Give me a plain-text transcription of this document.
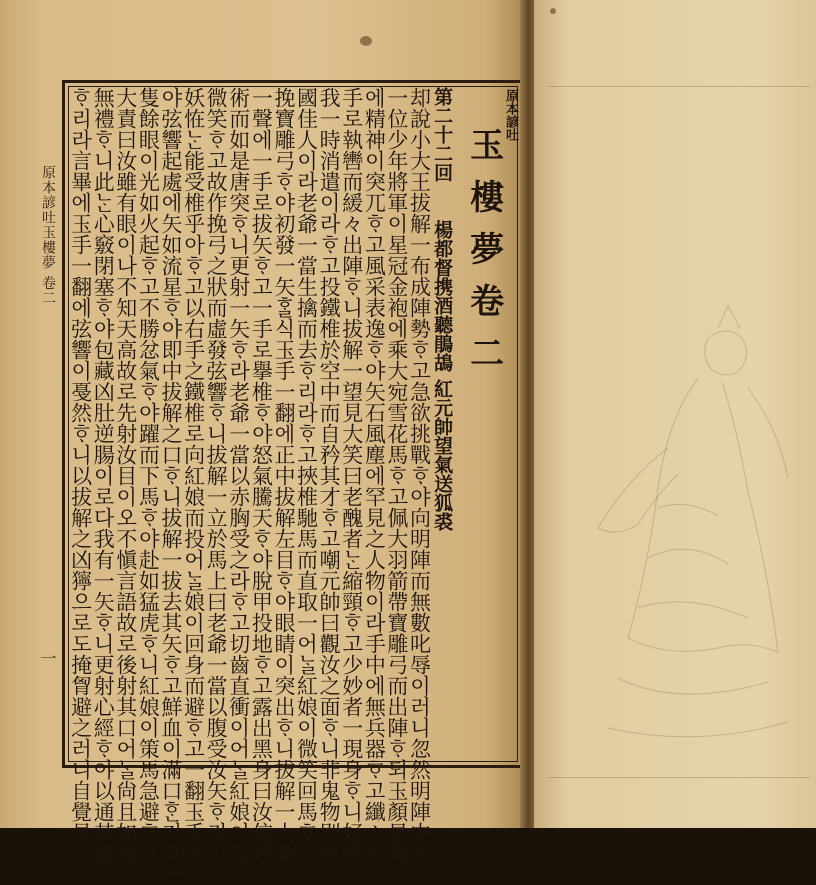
原本諺吐玉樓夢 卷二
一
原本諺吐
玉樓夢卷二
第二十二回　　楊都督携酒聽鵑鴣 紅元帥望氣送狐裘
却說小大王拔解一布成陣勢ᄒᆞ고急欲挑戰ᄒᆞ야向明陣而無數叱辱이러니忽然明陣中에
一位少年將軍이星冠金袍에乘大宛雪花馬ᄒᆞ고佩大羽箭帶寶雕弓而出陣ᄒᆞ되玉顏星眸
에精神이突兀ᄒᆞ고風采表逸ᄒᆞ야矢石風塵에罕見之人物이라手中에無兵器ᄒᆞ고纖々玉
手로執轡而緩々出陣ᄒᆞ니拔解一望見大笑曰老醜者ᄂᆞᆫ縮頸ᄒᆞ고少妙者一現身ᄒᆞ니好供
我一時消遣이라ᄒᆞ고投鐵椎於空中而自矜其才ᄒᆞ고嘲元帥曰觀汝之面ᄒᆞ니非鬼物則傾
國佳人이라老爺一當生擒而去ᄒᆞ리라ᄒᆞ고挾椎馳馬而直取一어ᄂᆞᆯ紅娘이微笑回馬ᄒᆞ고
挽寶雕弓ᄒᆞ야初發一矢ᄒᆞᆯ식玉手一翻에正中拔解左目ᄒᆞ야眼睛이突出ᄒᆞ니拔解一大號
一聲에一手로拔矢ᄒᆞ고一手로擧椎ᄒᆞ야怒氣騰天ᄒᆞ야脫甲投地ᄒᆞ고露出黑身曰汝信妖
術而如是唐突ᄒᆞ니更射一矢ᄒᆞ라老爺一當以赤胸受之라ᄒᆞ고切齒直衝이어ᄂᆞᆯ紅娘이又
微笑ᄒᆞ고故作挽弓之狀而虛發弦響ᄒᆞ니拔解一立於馬上曰老爺一當以腹受汝矢ᄒᆞ리니
妖恠ᄂᆞᆫ能受椎乎아ᄒᆞ고以右手之鐵椎로向紅娘而投어ᄂᆞᆯ娘이回身而避ᄒᆞ고一翻玉手ᄒᆞ
야弦響起處에矢如流星ᄒᆞ야即中拔解之口ᄒᆞ니拔解一拔去其矢ᄒᆞ고鮮血이滿口ᄒᆞᆫ지라一
隻餘眼이光如火起ᄒᆞ고不勝忿氣ᄒᆞ야躍而下馬ᄒᆞ야赴如猛虎ᄒᆞ니紅娘이策馬急避ᄒᆞ고
大責曰汝雖有眼이나不知天高故로先射汝目이오不愼言語故로後射其口어ᄂᆞᆯ尙且如此
無禮ᄒᆞ니此ᄂᆞᆫ心竅閉塞ᄒᆞ야包藏凶肚逆腸이로다我有一矢ᄒᆞ니更射心經ᄒᆞ야以通其塞
ᄒᆞ리라言畢에玉手一翻에弦響이戞然ᄒᆞ니以拔解之凶獰으로도掩胷避之러니自覺見
